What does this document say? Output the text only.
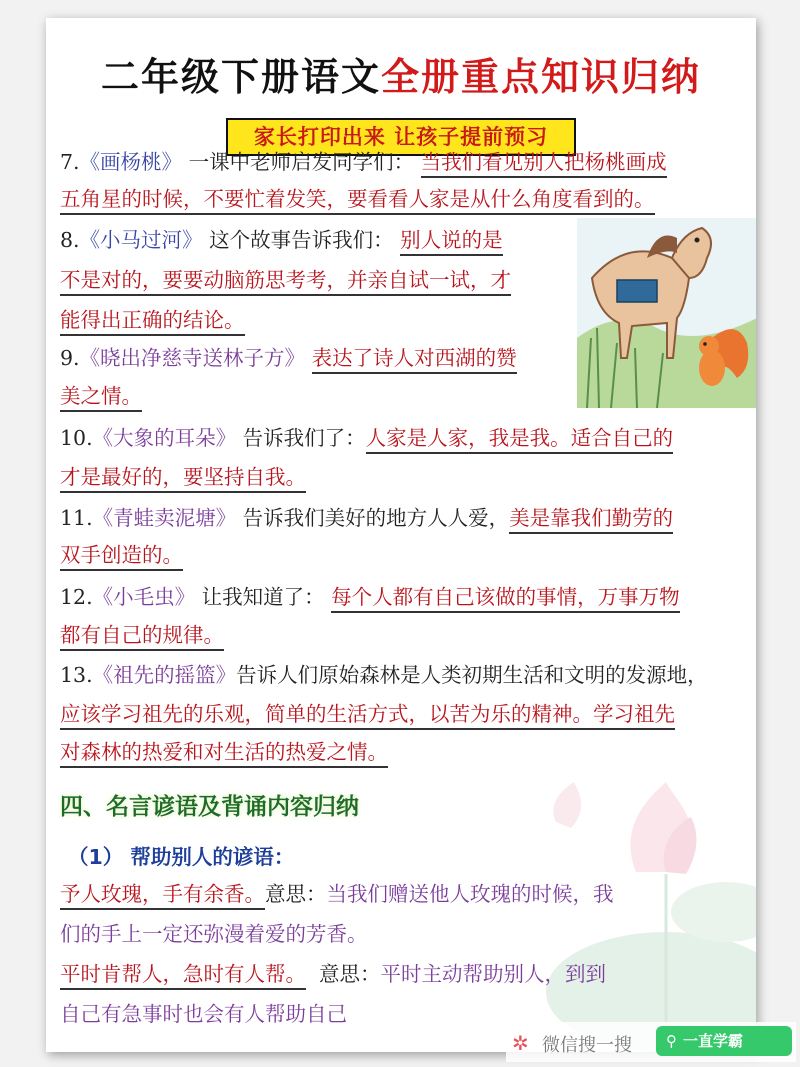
二年级下册语文全册重点知识归纳
家长打印出来 让孩子提前预习
7.《画杨桃》 一课中老师启发同学们： 当我们看见别人把杨桃画成
五角星的时候，不要忙着发笑，要看看人家是从什么角度看到的。
8.《小马过河》 这个故事告诉我们： 别人说的是
不是对的，要要动脑筋思考考，并亲自试一试，才
能得出正确的结论。
9.《晓出净慈寺送林子方》 表达了诗人对西湖的赞
美之情。
10.《大象的耳朵》 告诉我们了：人家是人家，我是我。适合自己的
才是最好的，要坚持自我。
11.《青蛙卖泥塘》 告诉我们美好的地方人人爱，美是靠我们勤劳的
双手创造的。
12.《小毛虫》 让我知道了： 每个人都有自己该做的事情，万事万物
都有自己的规律。
13.《祖先的摇篮》告诉人们原始森林是人类初期生活和文明的发源地，
应该学习祖先的乐观，简单的生活方式，以苦为乐的精神。学习祖先
对森林的热爱和对生活的热爱之情。
四、名言谚语及背诵内容归纳
（1） 帮助别人的谚语：
予人玫瑰，手有余香。意思：当我们赠送他人玫瑰的时候，我
们的手上一定还弥漫着爱的芳香。
平时肯帮人，急时有人帮。 意思：平时主动帮助别人，到到
自己有急事时也会有人帮助自己
✲ 微信搜一搜	⚲ 一直学霸
